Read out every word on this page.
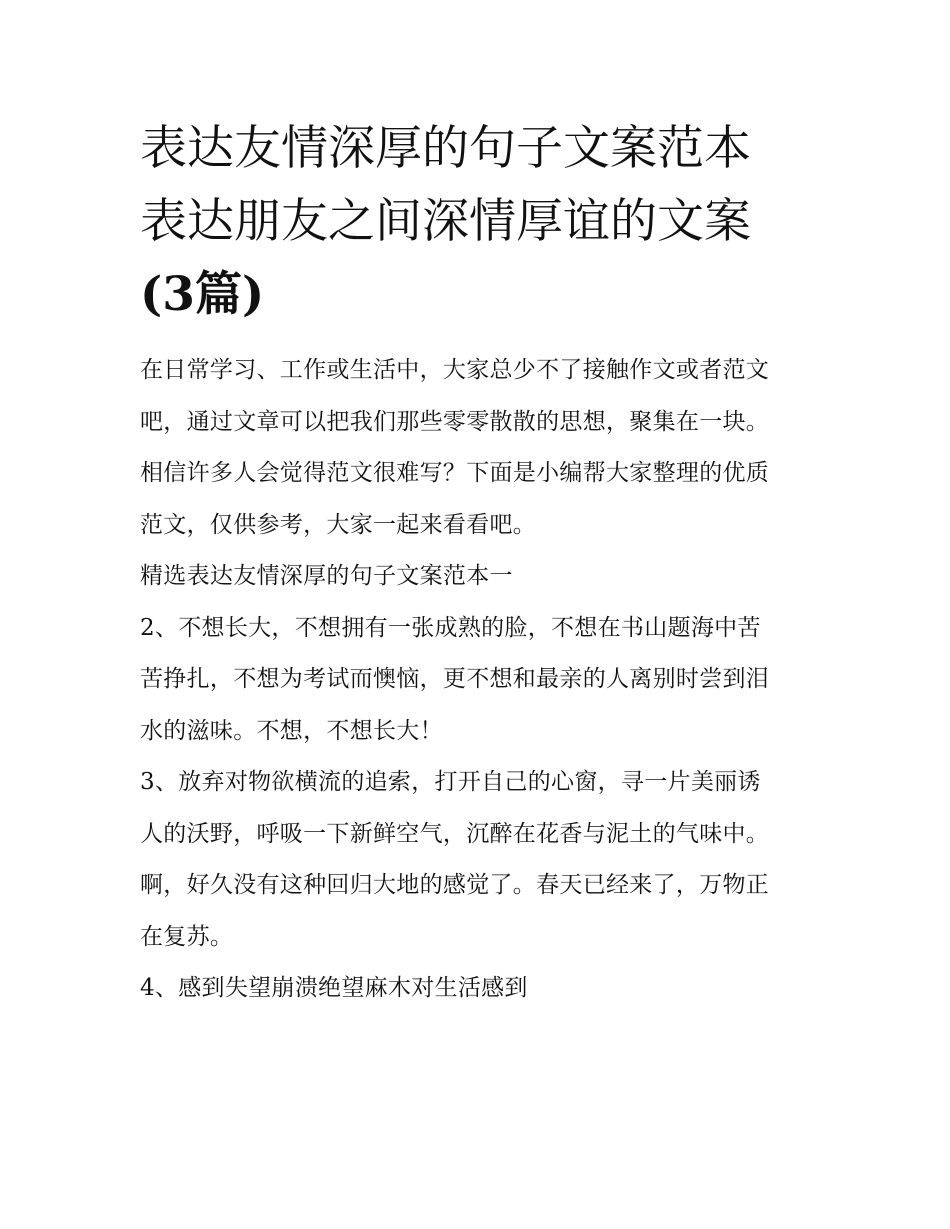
表达友情深厚的句子文案范本
表达朋友之间深情厚谊的文案
(3篇)

在日常学习、工作或生活中，大家总少不了接触作文或者范文
吧，通过文章可以把我们那些零零散散的思想，聚集在一块。
相信许多人会觉得范文很难写？下面是小编帮大家整理的优质
范文，仅供参考，大家一起来看看吧。

精选表达友情深厚的句子文案范本一

2、不想长大，不想拥有一张成熟的脸，不想在书山题海中苦
苦挣扎，不想为考试而懊恼，更不想和最亲的人离别时尝到泪
水的滋味。不想，不想长大！

3、放弃对物欲横流的追索，打开自己的心窗，寻一片美丽诱
人的沃野，呼吸一下新鲜空气，沉醉在花香与泥土的气味中。
啊，好久没有这种回归大地的感觉了。春天已经来了，万物正
在复苏。

4、感到失望崩溃绝望麻木对生活感到
